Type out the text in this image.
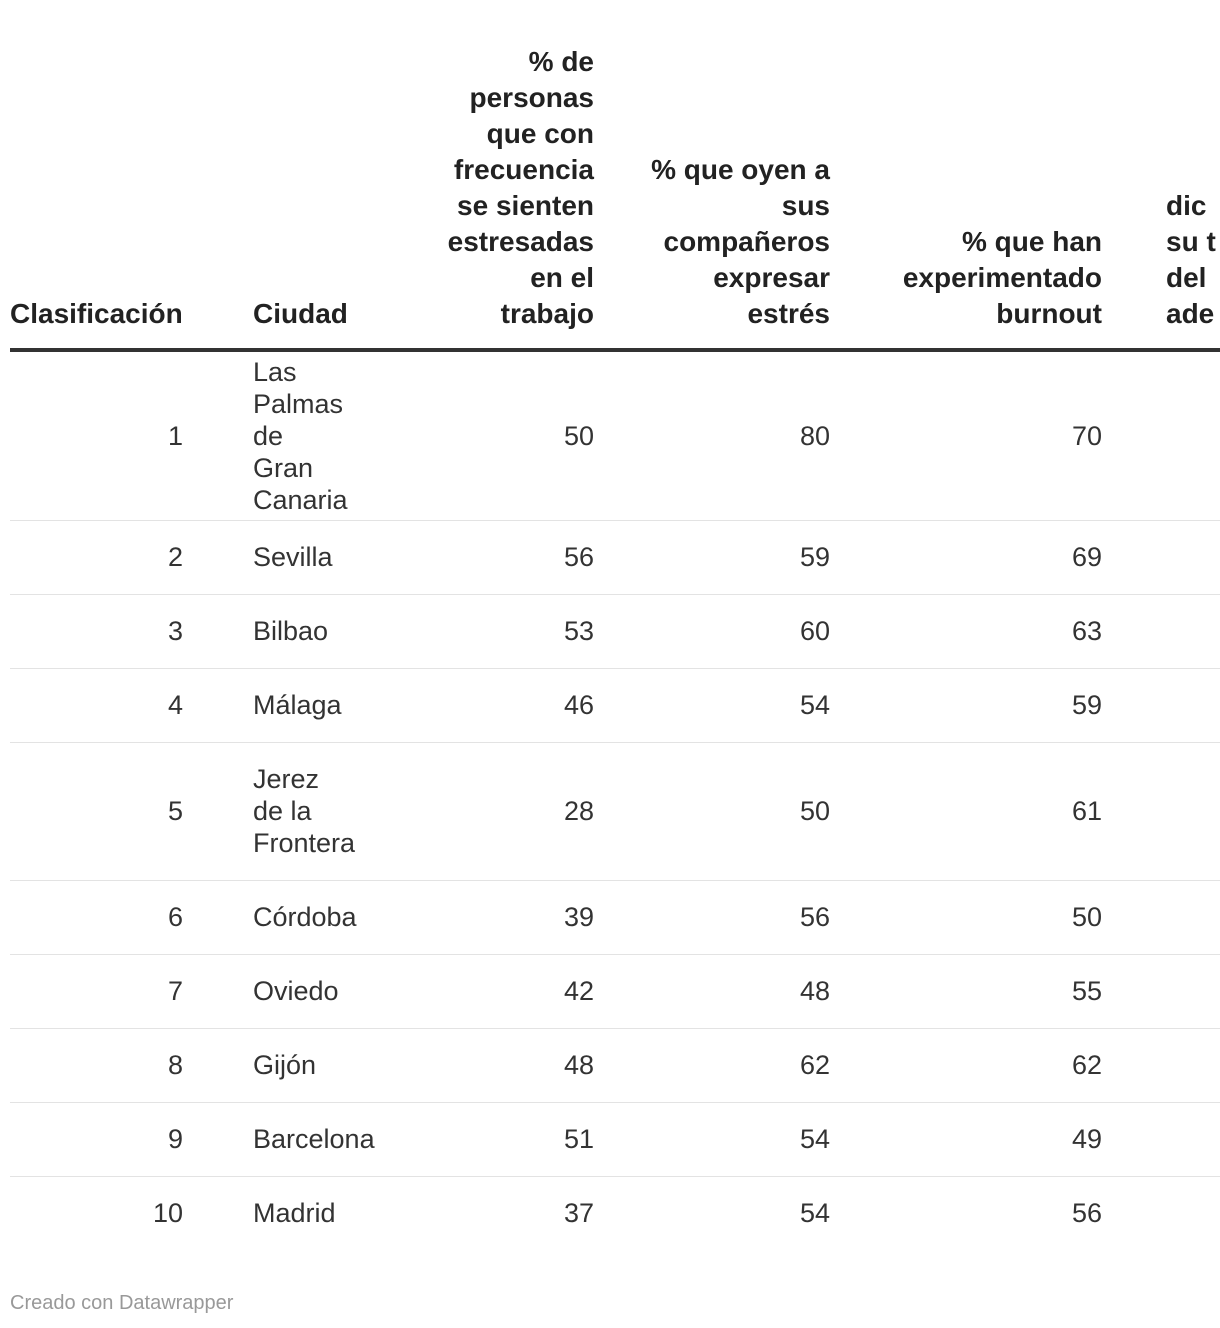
Clasificación	Ciudad	% de personas que con frecuencia se sienten estresadas en el trabajo	% que oyen a sus compañeros expresar estrés	% que han experimentado burnout	dic su t del ade

1	Las Palmas de Gran Canaria	50	80	70	
2	Sevilla	56	59	69	
3	Bilbao	53	60	63	
4	Málaga	46	54	59	
5	Jerez de la Frontera	28	50	61	
6	Córdoba	39	56	50	
7	Oviedo	42	48	55	
8	Gijón	48	62	62	
9	Barcelona	51	54	49	
10	Madrid	37	54	56	
Creado con Datawrapper
